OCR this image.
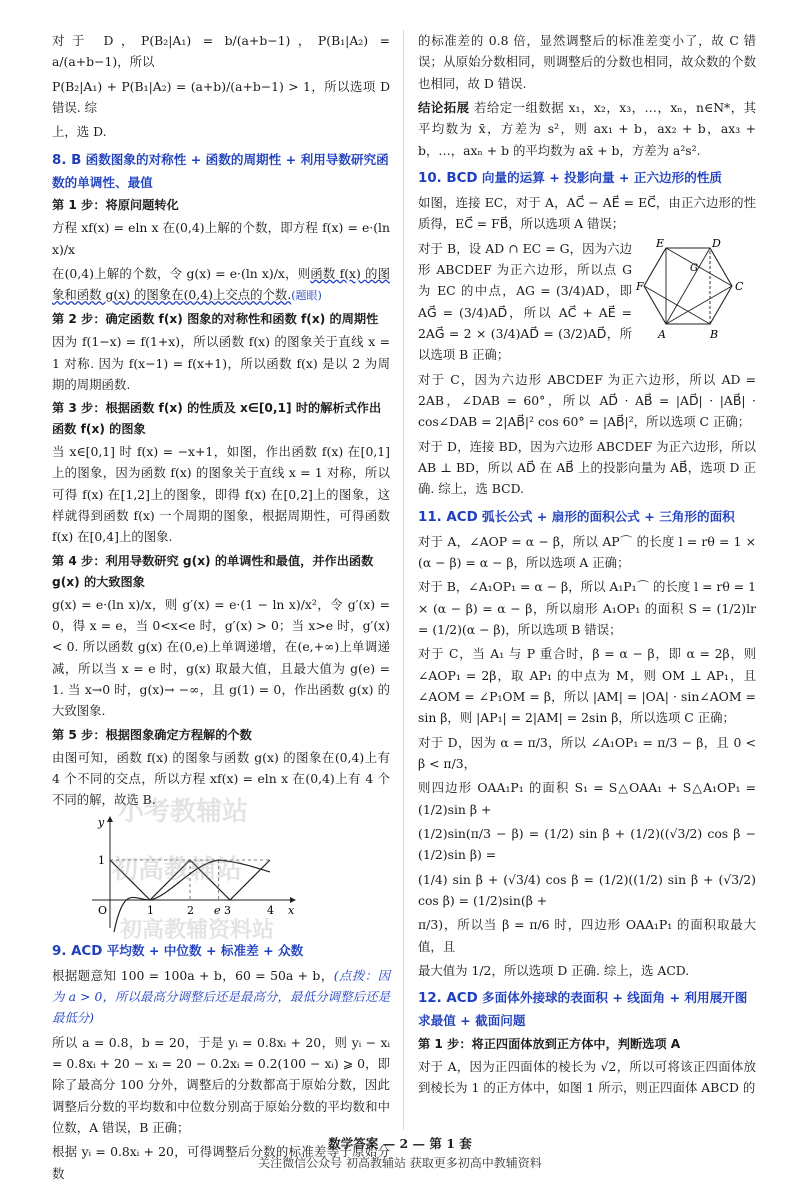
对于 D，P(B₂|A₁) = b/(a+b−1)，P(B₁|A₂) = a/(a+b−1)，所以

P(B₂|A₁) + P(B₁|A₂) = (a+b)/(a+b−1) > 1，所以选项 D 错误. 综

上，选 D.

8. B 函数图象的对称性 + 函数的周期性 + 利用导数研究函数的单调性、最值
第 1 步：将原问题转化

方程 xf(x) = eln x 在(0,4)上解的个数，即方程 f(x) = e·(ln x)/x

在(0,4)上解的个数，令 g(x) = e·(ln x)/x，则函数 f(x) 的图象和函数 g(x) 的图象在(0,4)上交点的个数.(题眼)

第 2 步：确定函数 f(x) 图象的对称性和函数 f(x) 的周期性

因为 f(1−x) = f(1+x)，所以函数 f(x) 的图象关于直线 x = 1 对称. 因为 f(x−1) = f(x+1)，所以函数 f(x) 是以 2 为周期的周期函数.

第 3 步：根据函数 f(x) 的性质及 x∈[0,1] 时的解析式作出函数 f(x) 的图象

当 x∈[0,1] 时 f(x) = −x+1，如图，作出函数 f(x) 在[0,1]上的图象，因为函数 f(x) 的图象关于直线 x = 1 对称，所以可得 f(x) 在[1,2]上的图象，即得 f(x) 在[0,2]上的图象，这样就得到函数 f(x) 一个周期的图象，根据周期性，可得函数 f(x) 在[0,4]上的图象.

第 4 步：利用导数研究 g(x) 的单调性和最值，并作出函数 g(x) 的大致图象

g(x) = e·(ln x)/x，则 g′(x) = e·(1 − ln x)/x²，令 g′(x) = 0，得 x = e，当 0<x<e 时，g′(x) > 0；当 x>e 时，g′(x) < 0. 所以函数 g(x) 在(0,e)上单调递增，在(e,+∞)上单调递减，所以当 x = e 时，g(x) 取最大值，且最大值为 g(e) = 1. 当 x→0 时，g(x)→ −∞，且 g(1) = 0，作出函数 g(x) 的大致图象.

第 5 步：根据图象确定方程解的个数

由图可知，函数 f(x) 的图象与函数 g(x) 的图象在(0,4)上有 4 个不同的交点，所以方程 xf(x) = eln x 在(0,4)上有 4 个不同的解，故选 B.

y
x
O
1
1	2 e 3	4
9. ACD 平均数 + 中位数 + 标准差 + 众数

根据题意知 100 = 100a + b，60 = 50a + b，(点拨：因为 a > 0，所以最高分调整后还是最高分，最低分调整后还是最低分)

所以 a = 0.8，b = 20，于是 yᵢ = 0.8xᵢ + 20，则 yᵢ − xᵢ = 0.8xᵢ + 20 − xᵢ = 20 − 0.2xᵢ = 0.2(100 − xᵢ) ⩾ 0，即除了最高分 100 分外，调整后的分数都高于原始分数，因此调整后分数的平均数和中位数分别高于原始分数的平均数和中位数，A 错误，B 正确；

根据 yᵢ = 0.8xᵢ + 20，可得调整后分数的标准差等于原始分数

的标准差的 0.8 倍，显然调整后的标准差变小了，故 C 错误；从原始分数相同，则调整后的分数也相同，故众数的个数也相同，故 D 错误.

结论拓展 若给定一组数据 x₁，x₂，x₃，…，xₙ，n∈N*，其平均数为 x̄，方差为 s²，则 ax₁ + b，ax₂ + b，ax₃ + b，…，axₙ + b 的平均数为 ax̄ + b，方差为 a²s².

10. BCD 向量的运算 + 投影向量 + 正六边形的性质

如图，连接 EC，对于 A，AC⃗ − AE⃗ = EC⃗，由正六边形的性质得，EC⃗ = FB⃗，所以选项 A 错误；

E	D
F
G
C
A	B

对于 B，设 AD ∩ EC = G，因为六边形 ABCDEF 为正六边形，所以点 G 为 EC 的中点，AG = (3/4)AD，即 AG⃗ = (3/4)AD⃗，所以 AC⃗ + AE⃗ = 2AG⃗ = 2 × (3/4)AD⃗ = (3/2)AD⃗，所以选项 B 正确；

对于 C，因为六边形 ABCDEF 为正六边形，所以 AD = 2AB，∠DAB = 60°，所以 AD⃗ · AB⃗ = |AD⃗| · |AB⃗| · cos∠DAB = 2|AB⃗|² cos 60° = |AB⃗|²，所以选项 C 正确；

对于 D，连接 BD，因为六边形 ABCDEF 为正六边形，所以 AB ⊥ BD，所以 AD⃗ 在 AB⃗ 上的投影向量为 AB⃗，选项 D 正确. 综上，选 BCD.

11. ACD 弧长公式 + 扇形的面积公式 + 三角形的面积

对于 A，∠AOP = α − β，所以 AP⌒ 的长度 l = rθ = 1 × (α − β) = α − β，所以选项 A 正确；

对于 B，∠A₁OP₁ = α − β，所以 A₁P₁⌒ 的长度 l = rθ = 1 × (α − β) = α − β，所以扇形 A₁OP₁ 的面积 S = (1/2)lr = (1/2)(α − β)，所以选项 B 错误；

对于 C，当 A₁ 与 P 重合时，β = α − β，即 α = 2β，则 ∠AOP₁ = 2β，取 AP₁ 的中点为 M，则 OM ⊥ AP₁，且 ∠AOM = ∠P₁OM = β，所以 |AM| = |OA| · sin∠AOM = sin β，则 |AP₁| = 2|AM| = 2sin β，所以选项 C 正确；

对于 D，因为 α = π/3，所以 ∠A₁OP₁ = π/3 − β，且 0 < β < π/3，

则四边形 OAA₁P₁ 的面积 S₁ = S△OAA₁ + S△A₁OP₁ = (1/2)sin β +

(1/2)sin(π/3 − β) = (1/2) sin β + (1/2)((√3/2) cos β − (1/2)sin β) =

(1/4) sin β + (√3/4) cos β = (1/2)((1/2) sin β + (√3/2) cos β) = (1/2)sin(β +

π/3)，所以当 β = π/6 时，四边形 OAA₁P₁ 的面积取最大值，且

最大值为 1/2，所以选项 D 正确. 综上，选 ACD.

12. ACD 多面体外接球的表面积 + 线面角 + 利用展开图求最值 + 截面问题
第 1 步：将正四面体放到正方体中，判断选项 A

对于 A，因为正四面体的棱长为 √2，所以可将该正四面体放到棱长为 1 的正方体中，如图 1 所示，则正四面体 ABCD 的

小考教辅站
初高教辅站
初高教辅资料站
数学答案 — 2 — 第 1 套
关注微信公众号 初高教辅站 获取更多初高中教辅资料
